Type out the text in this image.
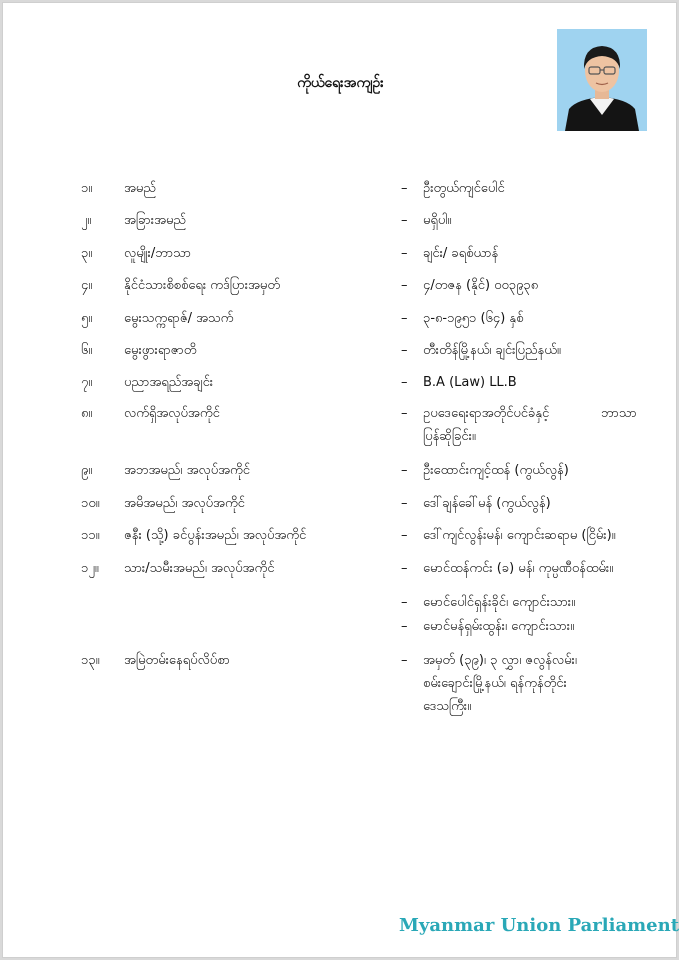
ကိုယ်ရေးအကျဉ်း
၁။ အမည်	– ဦးတွယ်ကျင်ပေါင်
၂။	အခြားအမည်	– မရှိပါ။
၃။ လူမျိုး/ဘာသာ	– ချင်း/ ခရစ်ယာန်
၄။ နိုင်ငံသားစိစစ်ရေး ကဒ်ပြားအမှတ်	– ၄/တဇန (နိုင်) ၀၀၃၉၃၈
၅။ မွေးသက္ကရာဇ်/ အသက်	– ၃-၈-၁၉၅၁ (၆၄) နှစ်
၆။ မွေးဖွားရာဇာတိ	– တီးတိန်မြို့နယ်၊ ချင်းပြည်နယ်။
၇။ ပညာအရည်အချင်း	– B.A (Law) LL.B
၈။ လက်ရှိအလုပ်အကိုင်	– ဥပဒေရေးရာအတိုင်ပင်ခံနှင့်	ဘာသာ
ပြန်ဆိုခြင်း။
၉။ အဘအမည်၊ အလုပ်အကိုင်	– ဦးထောင်းကျင့်ထန် (ကွယ်လွန်)
၁၀။ အမိအမည်၊ အလုပ်အကိုင်	– ဒေါ်ချန်ခေါ်မန် (ကွယ်လွန်)
၁၁။ ဇနီး (သို့) ခင်ပွန်းအမည်၊ အလုပ်အကိုင်	– ဒေါ်ကျင်လွန်းမန်၊ ကျောင်းဆရာမ (ငြိမ်း)။
၁၂။ သား/သမီးအမည်၊ အလုပ်အကိုင်	– မောင်ထန်ကင်း (ခ) မန်၊ ကုမ္ပဏီဝန်ထမ်း။
– မောင်ပေါင်ရှန်းခိုင်၊ ကျောင်းသား။
– မောင်မန်ရှမ်းထွန်း၊ ကျောင်းသား။
၁၃။ အမြဲတမ်းနေရပ်လိပ်စာ	– အမှတ် (၃၉)၊ ၃ လွှာ၊ ဇလွန်လမ်း၊
စမ်းချောင်းမြို့နယ်၊ ရန်ကုန်တိုင်း
ဒေသကြီး။
Myanmar Union Parliament
